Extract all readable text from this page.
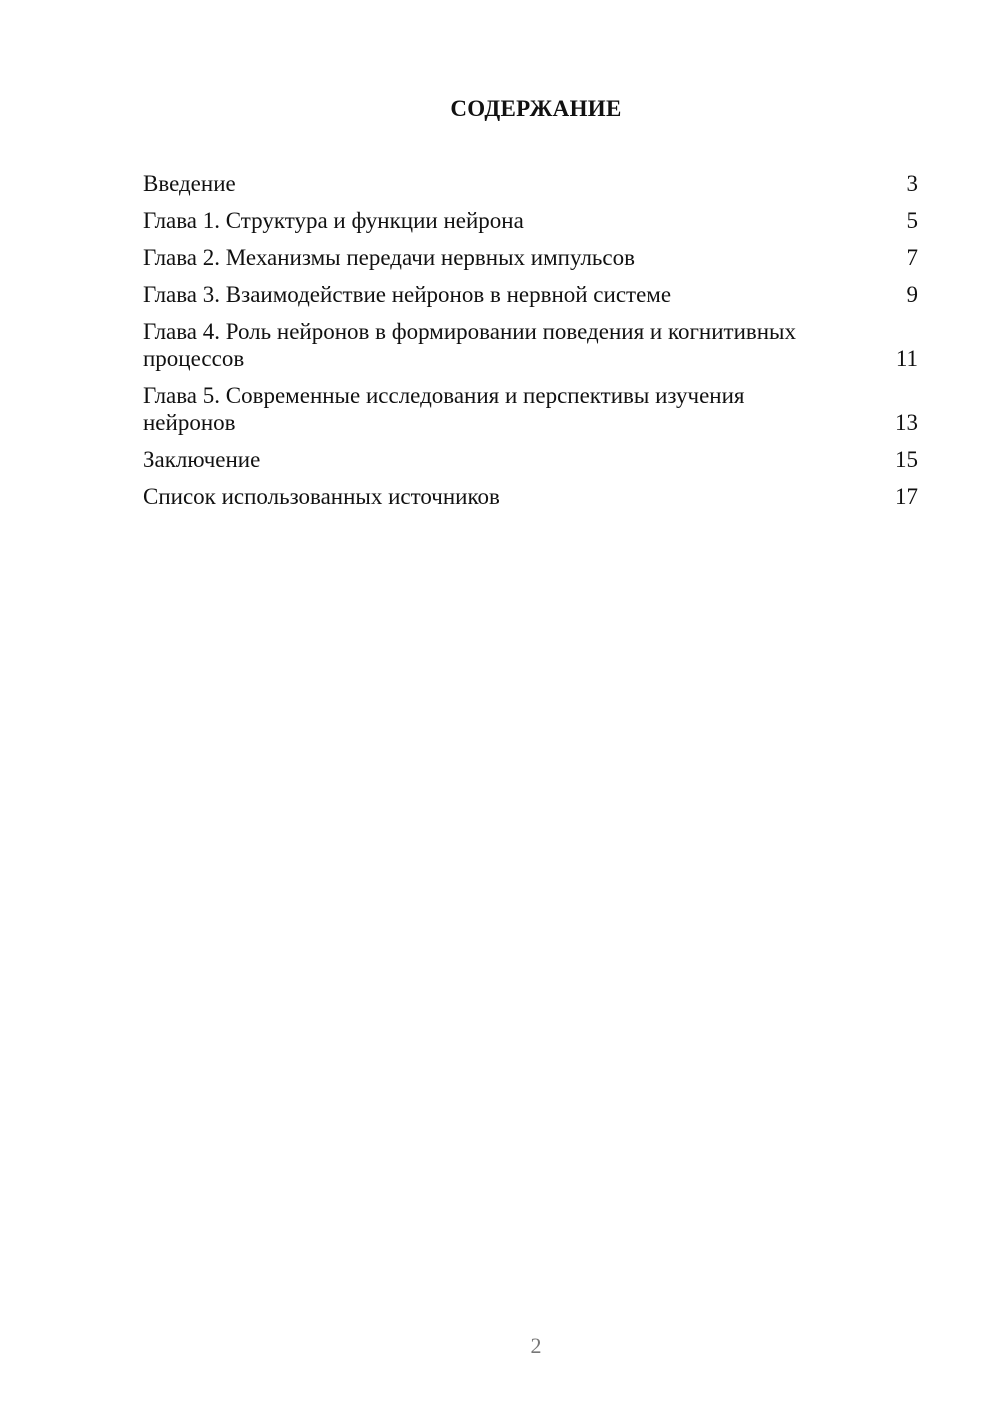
СОДЕРЖАНИЕ
Введение	3
Глава 1. Структура и функции нейрона	5
Глава 2. Механизмы передачи нервных импульсов	7
Глава 3. Взаимодействие нейронов в нервной системе	9
Глава 4. Роль нейронов в формировании поведения и когнитивных процессов	11
Глава 5. Современные исследования и перспективы изучения нейронов	13
Заключение	15
Список использованных источников	17
2
